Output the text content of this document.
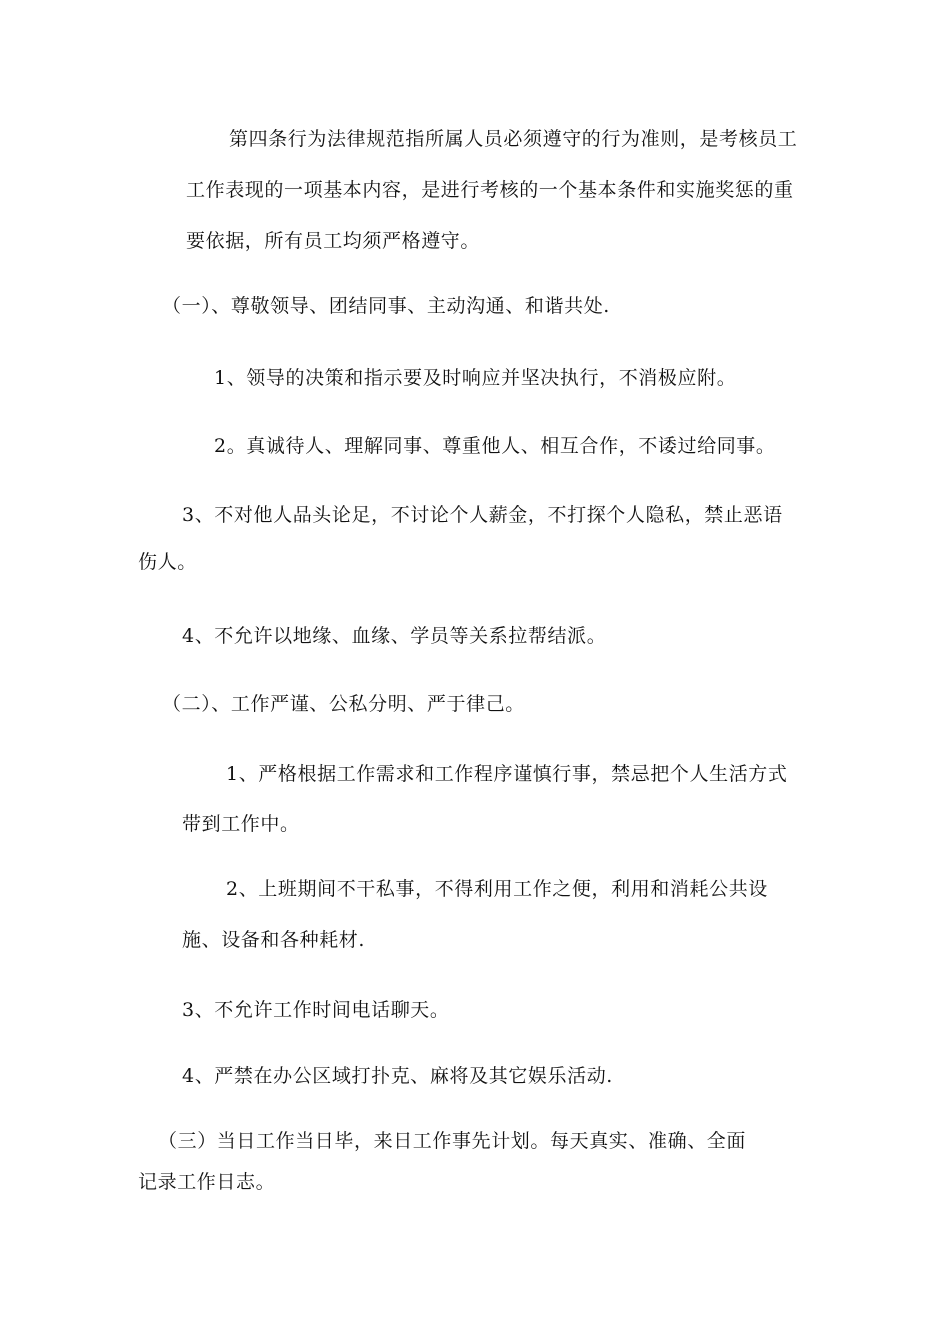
第四条行为法律规范指所属人员必须遵守的行为准则，是考核员工
工作表现的一项基本内容，是进行考核的一个基本条件和实施奖惩的重
要依据，所有员工均须严格遵守。
（一）、尊敬领导、团结同事、主动沟通、和谐共处.
1、领导的决策和指示要及时响应并坚决执行，不消极应附。
2。真诚待人、理解同事、尊重他人、相互合作，不诿过给同事。
3、不对他人品头论足，不讨论个人薪金，不打探个人隐私，禁止恶语
伤人。
4、不允许以地缘、血缘、学员等关系拉帮结派。
（二）、工作严谨、公私分明、严于律己。
1、严格根据工作需求和工作程序谨慎行事，禁忌把个人生活方式
带到工作中。
2、上班期间不干私事，不得利用工作之便，利用和消耗公共设
施、设备和各种耗材.
3、不允许工作时间电话聊天。
4、严禁在办公区域打扑克、麻将及其它娱乐活动.
（三）当日工作当日毕，来日工作事先计划。每天真实、准确、全面
记录工作日志。
